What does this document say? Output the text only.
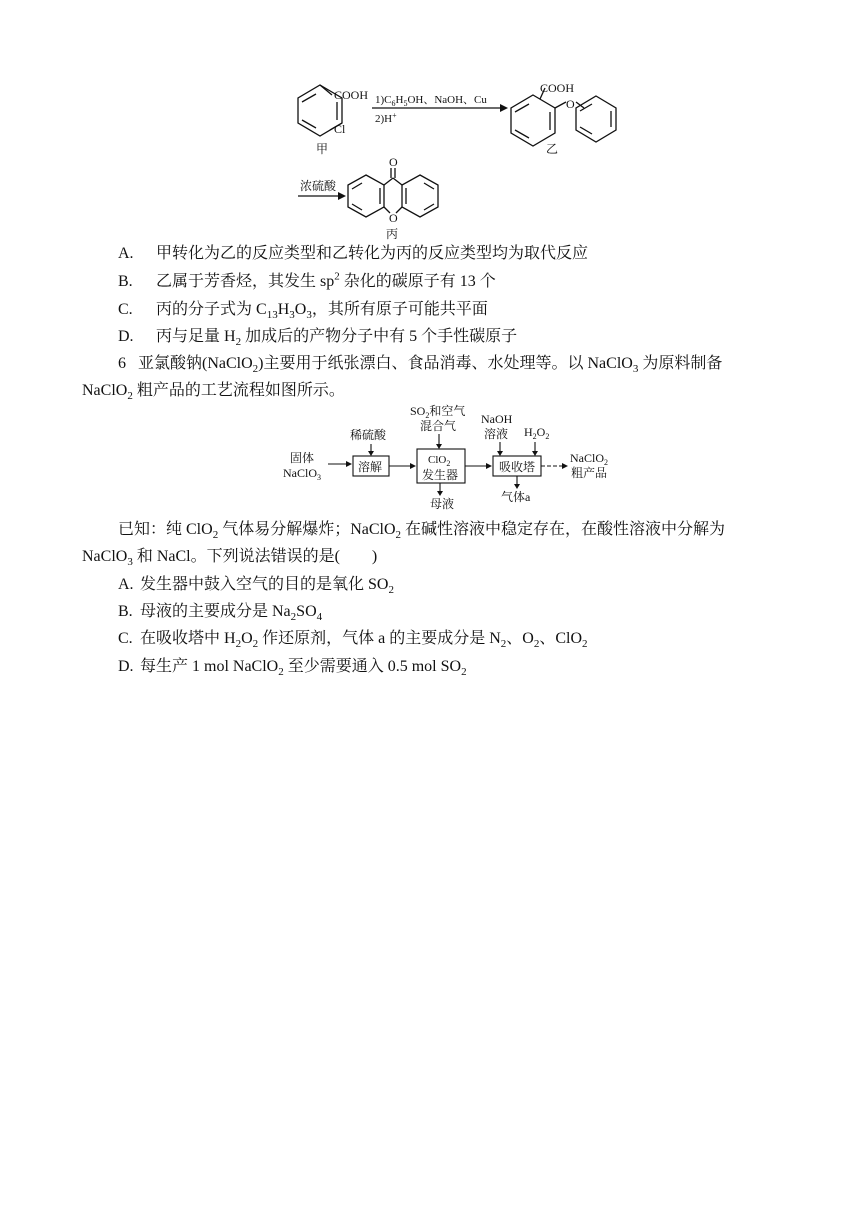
COOH
Cl
甲
$1)C_6H_5OH$、NaOH、Cu
2)H+
COOH
O
乙
浓硫酸
O
O
丙
A. 甲转化为乙的反应类型和乙转化为丙的反应类型均为取代反应
B. 乙属于芳香烃，其发生 $sp^2$ 杂化的碳原子有 13 个
C. 丙的分子式为 $C_{13}H_3O_3$，其所有原子可能共平面
D. 丙与足量 $H_2$ 加成后的产物分子中有 5 个手性碳原子
6 亚氯酸钠(NaClO$_2$)主要用于纸张漂白、食品消毒、水处理等。以 NaClO$_3$ 为原料制备
NaClO$_2$ 粗产品的工艺流程如图所示。
固体
NaClO$_3$
稀硫酸
溶解
$SO_2$和空气
混合气
ClO$_2$
发生器
母液
NaOH
溶液 $H_2O_2$
吸收塔
气体a
NaClO$_2$
粗产品
已知：纯 ClO$_2$ 气体易分解爆炸；NaClO$_2$ 在碱性溶液中稳定存在，在酸性溶液中分解为
NaClO$_3$ 和 NaCl。下列说法错误的是(　　)
A. 发生器中鼓入空气的目的是氧化 $SO_2$
B. 母液的主要成分是 $Na_2SO_4$
C. 在吸收塔中 $H_2O_2$ 作还原剂，气体 a 的主要成分是 $N_2$、$O_2$、ClO$_2$
D. 每生产 1 mol NaClO$_2$ 至少需要通入 0.5 mol $SO_2$
